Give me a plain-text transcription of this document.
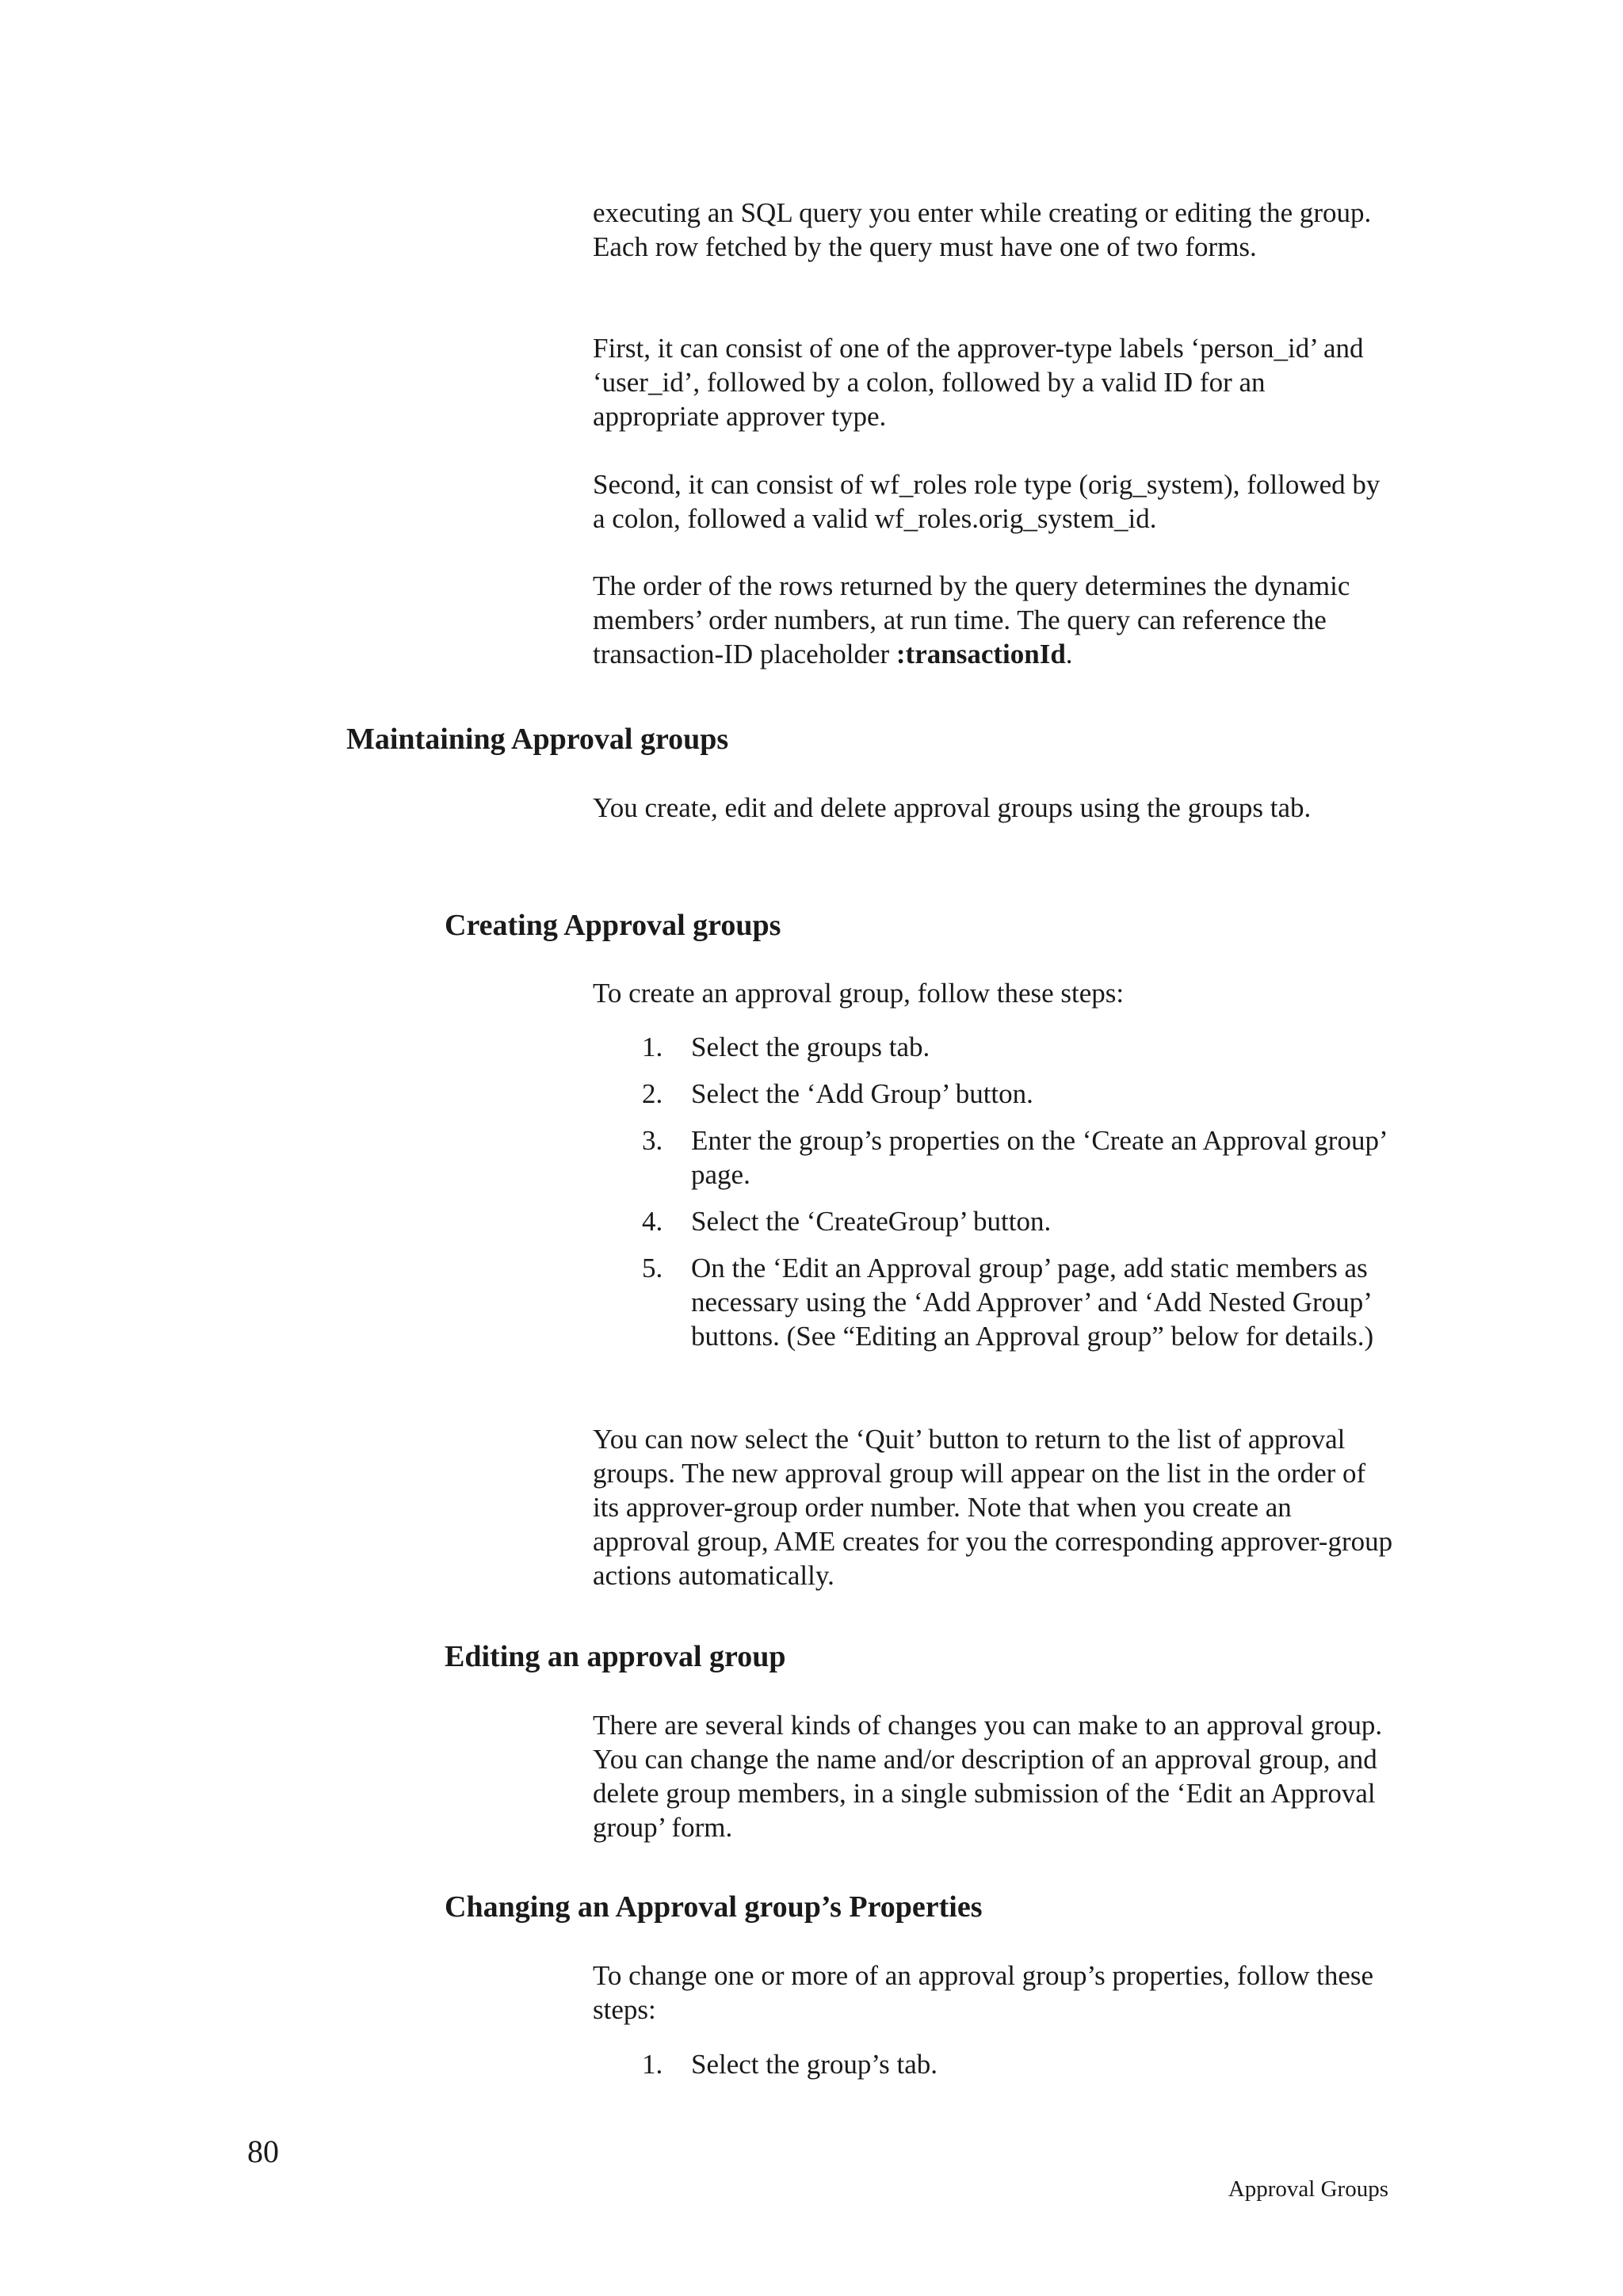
executing an SQL query you enter while creating or editing the group. Each row fetched by the query must have one of two forms.

First, it can consist of one of the approver-type labels ‘person_id’ and ‘user_id’, followed by a colon, followed by a valid ID for an appropriate approver type.

Second, it can consist of wf_roles role type (orig_system), followed by a colon, followed a valid wf_roles.orig_system_id.

The order of the rows returned by the query determines the dynamic members’ order numbers, at run time. The query can reference the transaction-ID placeholder :transactionId.

Maintaining Approval groups

You create, edit and delete approval groups using the groups tab.

Creating Approval groups

To create an approval group, follow these steps:

1. Select the groups tab.
2. Select the ‘Add Group’ button.
3. Enter the group’s properties on the ‘Create an Approval group’ page.
4. Select the ‘CreateGroup’ button.
5. On the ‘Edit an Approval group’ page, add static members as necessary using the ‘Add Approver’ and ‘Add Nested Group’ buttons. (See “Editing an Approval group” below for details.)

You can now select the ‘Quit’ button to return to the list of approval groups. The new approval group will appear on the list in the order of its approver-group order number. Note that when you create an approval group, AME creates for you the corresponding approver-group actions automatically.

Editing an approval group

There are several kinds of changes you can make to an approval group. You can change the name and/or description of an approval group, and delete group members, in a single submission of the ‘Edit an Approval group’ form.

Changing an Approval group’s Properties

To change one or more of an approval group’s properties, follow these steps:

1. Select the group’s tab.
80
Approval Groups
